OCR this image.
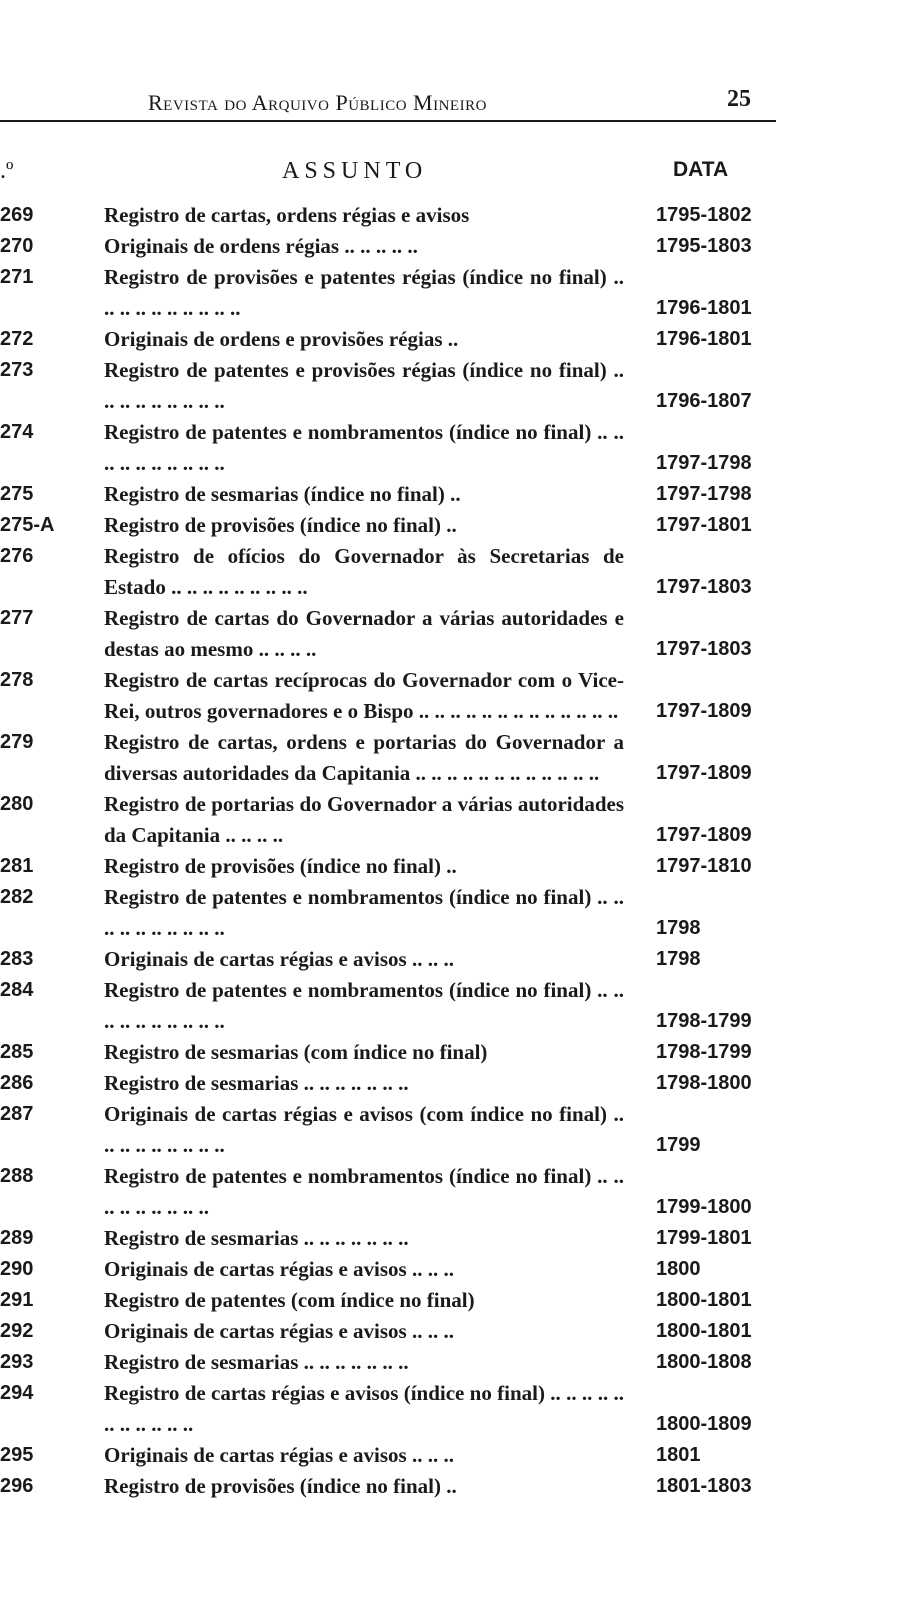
Revista do Arquivo Público Mineiro	25
.º	ASSUNTO	DATA
269	Registro de cartas, ordens régias e avisos	1795-1802
270	Originais de ordens régias .. .. .. .. ..	1795-1803
271	Registro de provisões e patentes régias (índice no final) .. .. .. .. .. .. .. .. .. ..	1796-1801
272	Originais de ordens e provisões régias ..	1796-1801
273	Registro de patentes e provisões régias (índice no final) .. .. .. .. .. .. .. .. ..	1796-1807
274	Registro de patentes e nombramentos (índice no final) .. .. .. .. .. .. .. .. .. ..	1797-1798
275	Registro de sesmarias (índice no final) ..	1797-1798
275-A Registro de provisões (índice no final) ..	1797-1801
276	Registro de ofícios do Governador às Secretarias de Estado .. .. .. .. .. .. .. .. ..	1797-1803
277	Registro de cartas do Governador a várias autoridades e destas ao mesmo .. .. .. ..	1797-1803
278	Registro de cartas recíprocas do Governador com o Vice-Rei, outros governadores e o Bispo .. .. .. .. .. .. .. .. .. .. .. .. .. 1797-1809
279	Registro de cartas, ordens e portarias do Governador a diversas autoridades da Capitania .. .. .. .. .. .. .. .. .. .. .. ..	1797-1809
280	Registro de portarias do Governador a várias autoridades da Capitania .. .. .. ..	1797-1809
281	Registro de provisões (índice no final) ..	1797-1810
282	Registro de patentes e nombramentos (índice no final) .. .. .. .. .. .. .. .. .. ..	1798
283	Originais de cartas régias e avisos .. .. ..	1798
284	Registro de patentes e nombramentos (índice no final) .. .. .. .. .. .. .. .. .. ..	1798-1799
285	Registro de sesmarias (com índice no final)	1798-1799
286	Registro de sesmarias .. .. .. .. .. .. ..	1798-1800
287	Originais de cartas régias e avisos (com índice no final) .. .. .. .. .. .. .. .. ..	1799
288	Registro de patentes e nombramentos (índice no final) .. .. .. .. .. .. .. .. ..	1799-1800
289	Registro de sesmarias .. .. .. .. .. .. ..	1799-1801
290	Originais de cartas régias e avisos .. .. ..	1800
291	Registro de patentes (com índice no final)	1800-1801
292	Originais de cartas régias e avisos .. .. ..	1800-1801
293	Registro de sesmarias .. .. .. .. .. .. ..	1800-1808
294	Registro de cartas régias e avisos (índice no final) .. .. .. .. .. .. .. .. .. .. ..	1800-1809
295	Originais de cartas régias e avisos .. .. ..	1801
296	Registro de provisões (índice no final) ..	1801-1803
